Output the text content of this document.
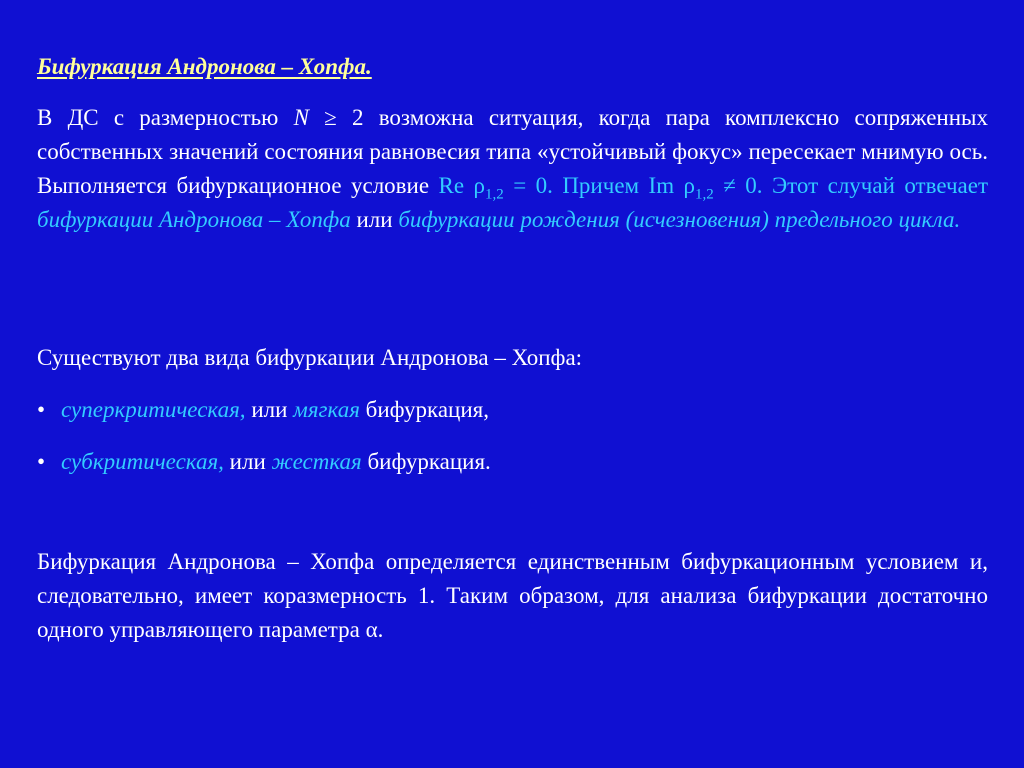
Бифуркация Андронова – Хопфа.

В ДС с размерностью N ≥ 2 возможна ситуация, когда пара комплексно сопряженных собственных значений состояния равновесия типа «устойчивый фокус» пересекает мнимую ось. Выполняется бифуркационное условие Re $\rho_{1,2} = 0$. Причем Im $\rho_{1,2} \ne 0$. Этот случай отвечает бифуркации Андронова – Хопфа или бифуркации рождения (исчезновения) предельного цикла.

Существуют два вида бифуркации Андронова – Хопфа:

• суперкритическая, или мягкая бифуркация,
• субкритическая, или жесткая бифуркация.

Бифуркация Андронова – Хопфа определяется единственным бифуркационным условием и, следовательно, имеет коразмерность 1. Таким образом, для анализа бифуркации достаточно одного управляющего параметра α.
